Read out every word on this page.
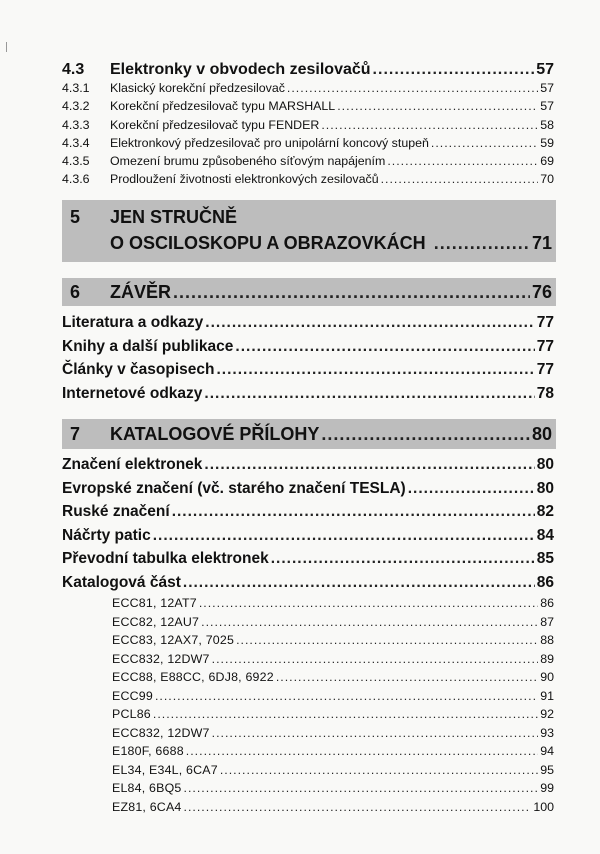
4.3	Elektronky v obvodech zesilovačů .....	57
4.3.1	Klasický korekční předzesilovač .....	57
4.3.2	Korekční předzesilovač typu MARSHALL .....	57
4.3.3	Korekční předzesilovač typu FENDER .....	58
4.3.4	Elektronkový předzesilovač pro unipolární koncový stupeň .....	59
4.3.5	Omezení brumu způsobeného síťovým napájením .....	69
4.3.6	Prodloužení životnosti elektronkových zesilovačů .....	70
5	JEN STRUČNĚ
O OSCILOSKOPU A OBRAZOVKÁCH .....	71
6	ZÁVĚR .....	76
Literatura a odkazy .....	77
Knihy a další publikace .....	77
Články v časopisech .....	77
Internetové odkazy .....	78
7	KATALOGOVÉ PŘÍLOHY .....	80
Značení elektronek .....	80
Evropské značení (vč. starého značení TESLA) .....	80
Ruské značení .....	82
Náčrty patic .....	84
Převodní tabulka elektronek .....	85
Katalogová část .....	86
ECC81, 12AT7 .....	86
ECC82, 12AU7 .....	87
ECC83, 12AX7, 7025 .....	88
ECC832, 12DW7 .....	89
ECC88, E88CC, 6DJ8, 6922 .....	90
ECC99 .....	91
PCL86 .....	92
ECC832, 12DW7 .....	93
E180F, 6688 .....	94
EL34, E34L, 6CA7 .....	95
EL84, 6BQ5 .....	99
EZ81, 6CA4 .....	100
